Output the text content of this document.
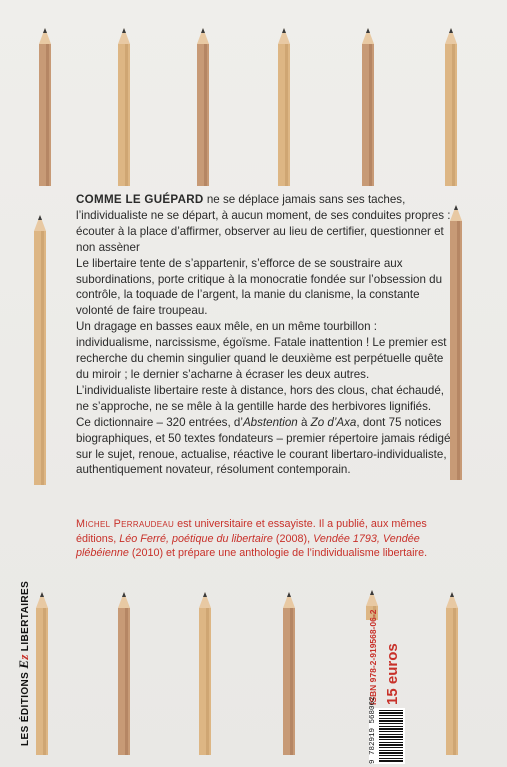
COMME LE GUÉPARD ne se déplace jamais sans ses taches, l’individualiste ne se départ, à aucun moment, de ses conduites propres : écouter à la place d’affirmer, observer au lieu de certifier, questionner et non assèner

Le libertaire tente de s’appartenir, s’efforce de se soustraire aux subordinations, porte critique à la monocratie fondée sur l’obsession du contrôle, la toquade de l’argent, la manie du clanisme, la constante volonté de faire troupeau.

Un dragage en basses eaux mêle, en un même tourbillon : individualisme, narcissisme, égoïsme. Fatale inattention ! Le premier est recherche du chemin singulier quand le deuxième est perpétuelle quête du miroir ; le dernier s’acharne à écraser les deux autres.

L’individualiste libertaire reste à distance, hors des clous, chat échaudé, ne s’approche, ne se mêle à la gentille harde des herbivores lignifiés.

Ce dictionnaire – 320 entrées, d’Abstention à Zo d’Axa, dont 75 notices biographiques, et 50 textes fondateurs – premier répertoire jamais rédigé sur le sujet, renoue, actualise, réactive le courant libertaro-individualiste, authentiquement novateur, résolument contemporain.

Michel Perraudeau est universitaire et essayiste. Il a publié, aux mêmes éditions, Léo Ferré, poétique du libertaire (2008), Vendée 1793, Vendée plébéienne (2010) et prépare une anthologie de l’individualisme libertaire.
LES ÉDITIONSEzLIBERTAIRES	ISBN 978-2-919568-06-2 15 euros
9 782919 568062
